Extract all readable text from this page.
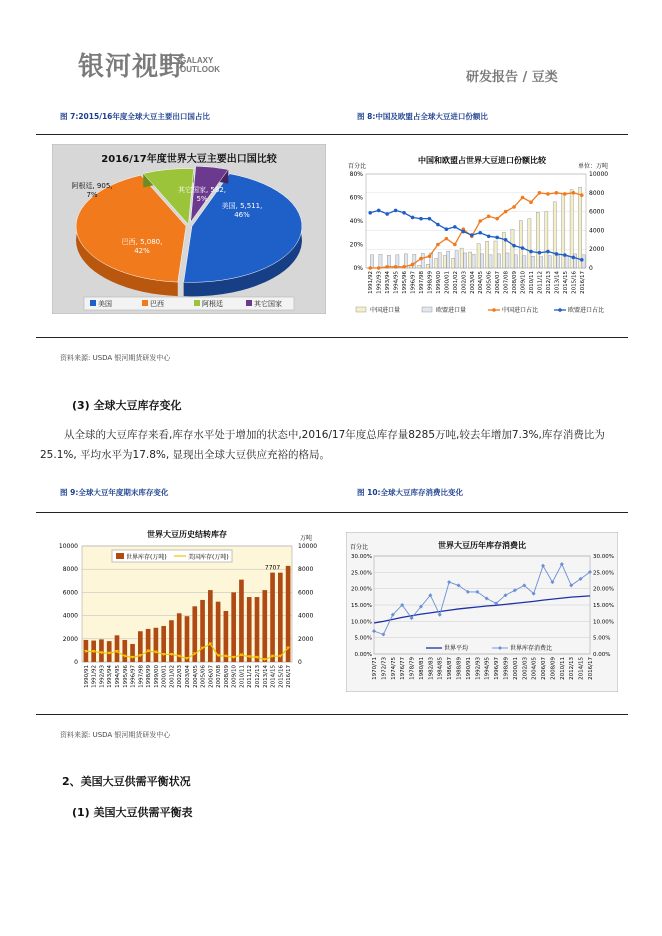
银河视野
GALAXY
OUTLOOK
研发报告 / 豆类
图 7:2015/16年度全球大豆主要出口国占比	图 8:中国及欧盟占全球大豆进口份额比
2016/17年度世界大豆主要出口国比较
美国, 5,511, 46%
巴西, 5,080, 42%
阿根廷, 905, 7%
其它国家, 582, 5%
美国	巴西	阿根廷	其它国家
中国和欧盟占世界大豆进口份额比较
百分比	单位：万吨
0%
20%
40%
60%
80%
0
2000
4000
6000
8000
10000
1991/92 1992/93 1993/94 1994/95 1995/96 1996/97 1997/98 1998/99 1999/00 2000/01 2001/02 2002/03 2003/04 2004/05 2005/06 2006/07 2007/08 2008/09 2009/10 2010/11 2011/12 2012/13 2013/14 2014/15 2015/16 2016/17
中国进口量	欧盟进口量	中国进口占比	欧盟进口占比
资料来源: USDA 银河期货研发中心
(3) 全球大豆库存变化
从全球的大豆库存来看,库存水平处于增加的状态中,2016/17年度总库存量8285万吨,较去年增加7.3%,库存消费比为25.1%, 平均水平为17.8%, 显现出全球大豆供应充裕的格局。
图 9:全球大豆年度期末库存变化	图 10:全球大豆库存消费比变化
世界大豆历史结转库存	万吨
0	0
2000	2000
4000	4000
6000	6000
8000	8000
10000	10000
1990/91 1991/92 1992/93 1993/94 1994/95 1995/96 1996/97 1997/98 1998/99 1999/00 2000/01 2001/02 2002/03 2003/04 2004/05 2005/06 2006/07 2007/08 2008/09 2009/10 2010/11 2011/12 2012/13 2013/14 2014/15 2015/16 2016/17
7707
世界库存(万吨)	美国库存(万吨)
世界大豆历年库存消费比
百分比
0.00%	0.00%
5.00%	5.00%
10.00%	10.00%
15.00%	15.00%
20.00%	20.00%
25.00%	25.00%
30.00%	30.00%
1970/71 1972/73 1974/75 1976/77 1978/79 1980/81 1982/83 1984/85 1986/87 1988/89 1990/91 1992/93 1994/95 1996/97 1998/99 2000/01 2002/03 2004/05 2006/07 2008/09 2010/11 2012/13 2014/15 2016/17
世界平均	世界库存消费比
资料来源: USDA 银河期货研发中心
2、美国大豆供需平衡状况
(1) 美国大豆供需平衡表
